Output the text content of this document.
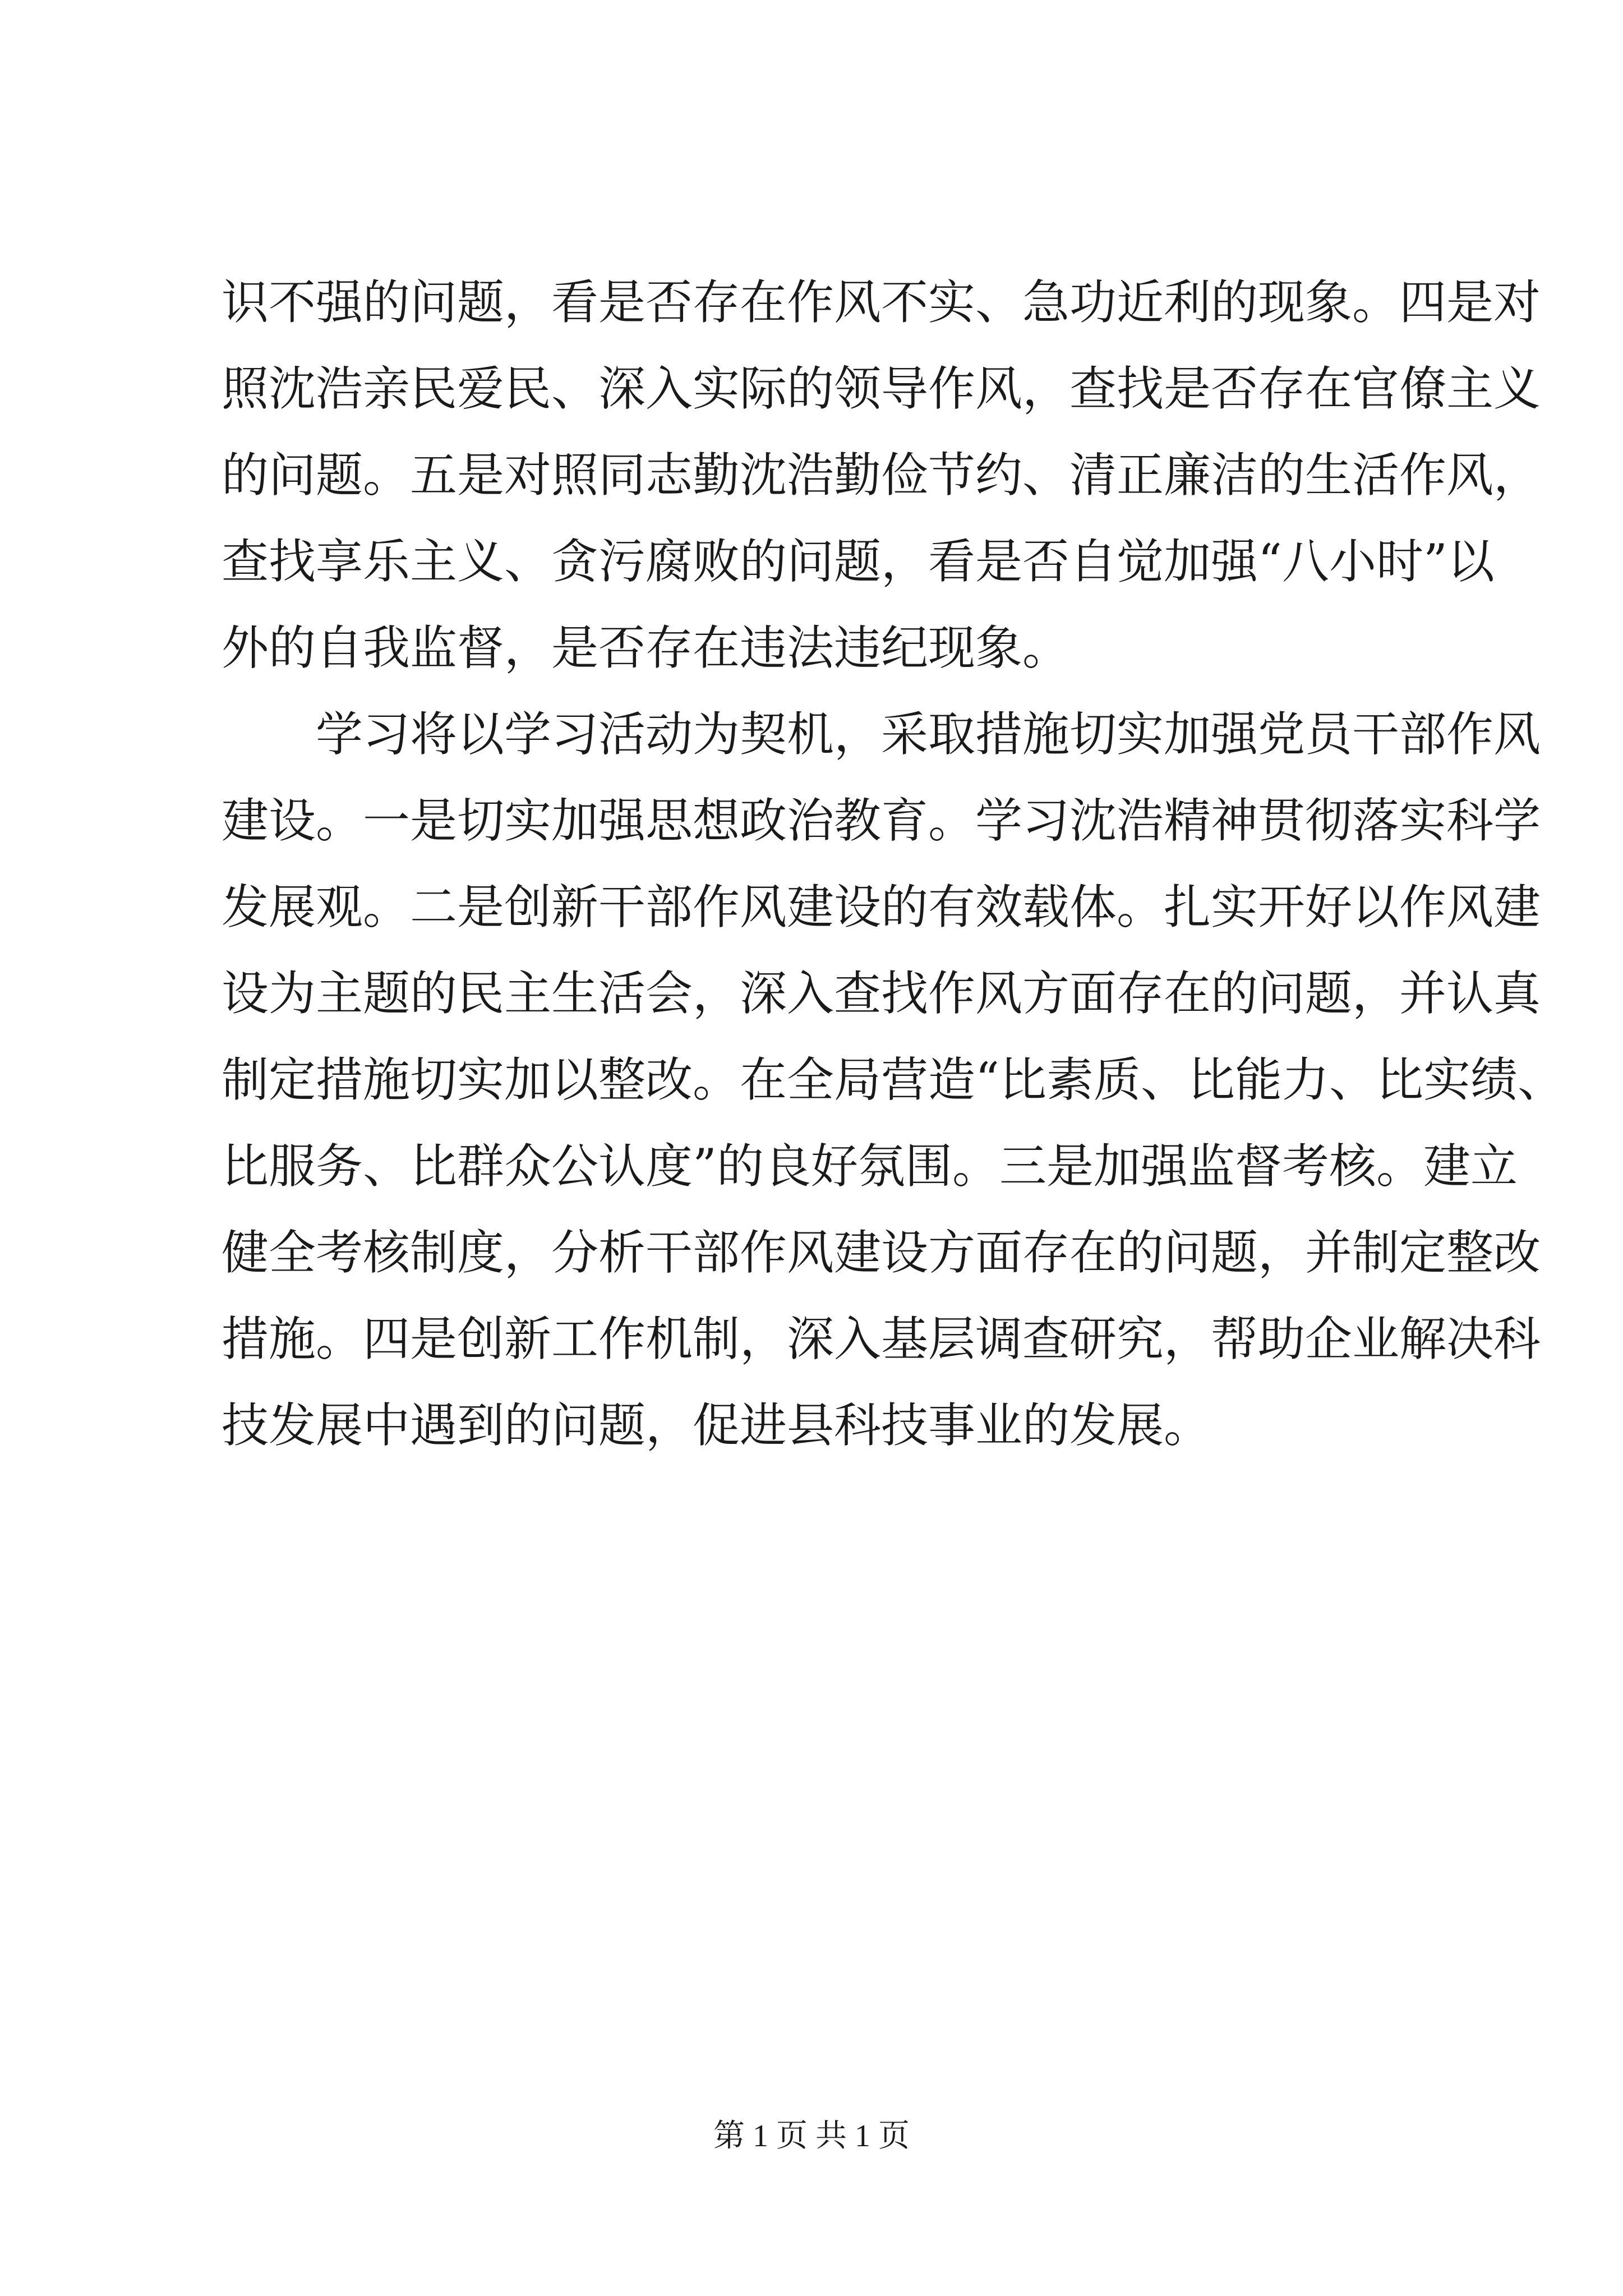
识不强的问题，看是否存在作风不实、急功近利的现象。四是对
照沈浩亲民爱民、深入实际的领导作风，查找是否存在官僚主义
的问题。五是对照同志勤沈浩勤俭节约、清正廉洁的生活作风，
查找享乐主义、贪污腐败的问题，看是否自觉加强“八小时”以
外的自我监督，是否存在违法违纪现象。
学习将以学习活动为契机，采取措施切实加强党员干部作风
建设。一是切实加强思想政治教育。学习沈浩精神贯彻落实科学
发展观。二是创新干部作风建设的有效载体。扎实开好以作风建
设为主题的民主生活会，深入查找作风方面存在的问题，并认真
制定措施切实加以整改。在全局营造“比素质、比能力、比实绩、
比服务、比群众公认度”的良好氛围。三是加强监督考核。建立
健全考核制度，分析干部作风建设方面存在的问题，并制定整改
措施。四是创新工作机制，深入基层调查研究，帮助企业解决科
技发展中遇到的问题，促进县科技事业的发展。
第 1 页 共 1 页
